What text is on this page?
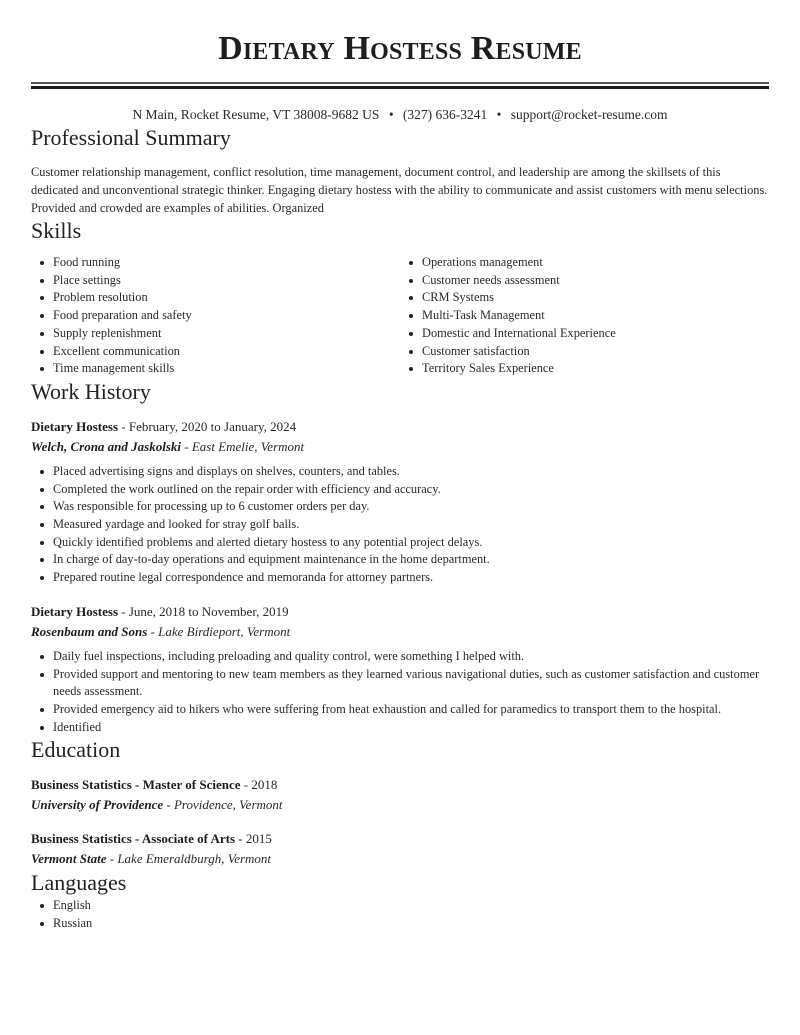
Dietary Hostess Resume
N Main, Rocket Resume, VT 38008-9682 US • (327) 636-3241 • support@rocket-resume.com
Professional Summary

Customer relationship management, conflict resolution, time management, document control, and leadership are among the skillsets of this dedicated and unconventional strategic thinker. Engaging dietary hostess with the ability to communicate and assist customers with menu selections. Provided and crowded are examples of abilities. Organized

Skills
Food running
Place settings
Problem resolution
Food preparation and safety
Supply replenishment
Excellent communication
Time management skills
Operations management
Customer needs assessment
CRM Systems
Multi-Task Management
Domestic and International Experience
Customer satisfaction
Territory Sales Experience
Work History
Dietary Hostess - February, 2020 to January, 2024
Welch, Crona and Jaskolski - East Emelie, Vermont
Placed advertising signs and displays on shelves, counters, and tables.
Completed the work outlined on the repair order with efficiency and accuracy.
Was responsible for processing up to 6 customer orders per day.
Measured yardage and looked for stray golf balls.
Quickly identified problems and alerted dietary hostess to any potential project delays.
In charge of day-to-day operations and equipment maintenance in the home department.
Prepared routine legal correspondence and memoranda for attorney partners.
Dietary Hostess - June, 2018 to November, 2019
Rosenbaum and Sons - Lake Birdieport, Vermont
Daily fuel inspections, including preloading and quality control, were something I helped with.
Provided support and mentoring to new team members as they learned various navigational duties, such as customer satisfaction and customer needs assessment.
Provided emergency aid to hikers who were suffering from heat exhaustion and called for paramedics to transport them to the hospital.
Identified
Education
Business Statistics - Master of Science - 2018
University of Providence - Providence, Vermont
Business Statistics - Associate of Arts - 2015
Vermont State - Lake Emeraldburgh, Vermont
Languages
English
Russian
